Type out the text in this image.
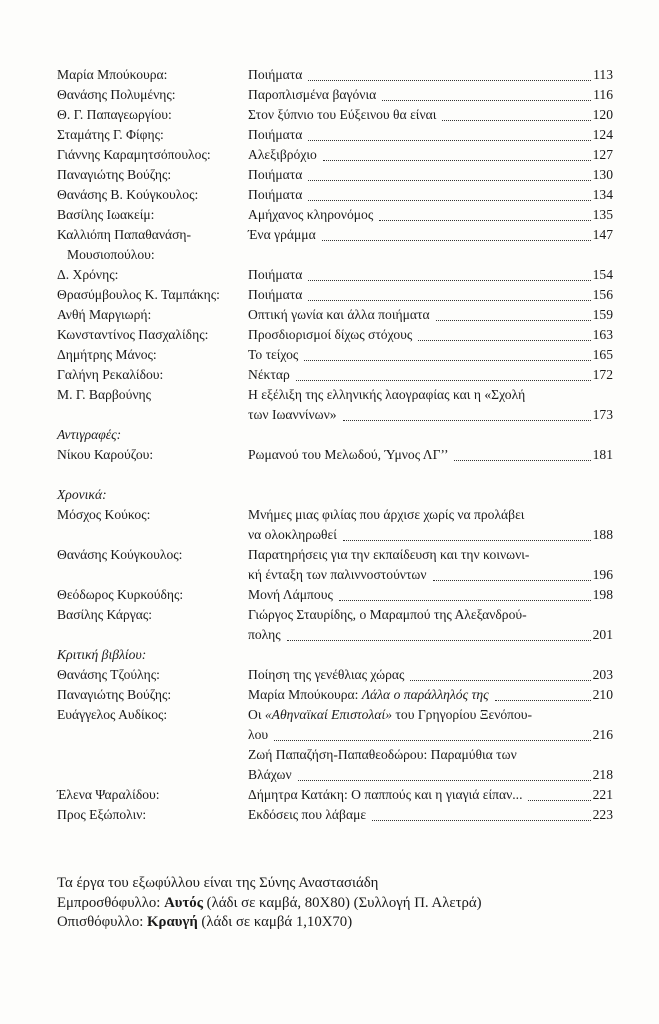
Μαρία Μπούκουρα:	Ποιήματα	113
Θανάσης Πολυμένης:	Παροπλισμένα βαγόνια	116
Θ. Γ. Παπαγεωργίου:	Στον ξύπνιο του Εύξεινου θα είναι	120
Σταμάτης Γ. Φίφης:	Ποιήματα	124
Γιάννης Καραμητσόπουλος:	Αλεξιβρόχιο	127
Παναγιώτης Βούζης:	Ποιήματα	130
Θανάσης Β. Κούγκουλος:	Ποιήματα	134
Βασίλης Ιωακείμ:	Αμήχανος κληρονόμος	135
Καλλιόπη Παπαθανάση-	Ένα γράμμα	147
Μουσιοπούλου:
Δ. Χρόνης:	Ποιήματα	154
Θρασύμβουλος Κ. Ταμπάκης:	Ποιήματα	156
Ανθή Μαργιωρή:	Οπτική γωνία και άλλα ποιήματα	159
Κωνσταντίνος Πασχαλίδης:	Προσδιορισμοί δίχως στόχους	163
Δημήτρης Μάνος:	Το τείχος	165
Γαλήνη Ρεκαλίδου:	Νέκταρ	172
Μ. Γ. Βαρβούνης	Η εξέλιξη της ελληνικής λαογραφίας και η «Σχολή
των Ιωαννίνων»	173
Αντιγραφές:
Νίκου Καρούζου:	Ρωμανού του Μελωδού, Ύμνος ΛΓ’’	181
Χρονικά:
Μόσχος Κούκος:	Μνήμες μιας φιλίας που άρχισε χωρίς να προλάβει
να ολοκληρωθεί	188
Θανάσης Κούγκουλος:	Παρατηρήσεις για την εκπαίδευση και την κοινωνι-
κή ένταξη των παλιννοστούντων	196
Θεόδωρος Κυρκούδης:	Μονή Λάμπους	198
Βασίλης Κάργας:	Γιώργος Σταυρίδης, ο Μαραμπού της Αλεξανδρού-
πολης	201
Κριτική βιβλίου:
Θανάσης Τζούλης:	Ποίηση της γενέθλιας χώρας	203
Παναγιώτης Βούζης:	Μαρία Μπούκουρα: Λάλα ο παράλληλός της	210
Ευάγγελος Αυδίκος:	Οι «Αθηναϊκαί Επιστολαί» του Γρηγορίου Ξενόπου-
λου	216
Ζωή Παπαζήση-Παπαθεοδώρου: Παραμύθια των
Βλάχων	218
Έλενα Ψαραλίδου:	Δήμητρα Κατάκη: Ο παππούς και η γιαγιά είπαν...	221
Προς Εξώπολιν:	Εκδόσεις που λάβαμε	223
Τα έργα του εξωφύλλου είναι της Σύνης Αναστασιάδη
Εμπροσθόφυλλο: Αυτός (λάδι σε καμβά, 80Χ80) (Συλλογή Π. Αλετρά)
Οπισθόφυλλο: Κραυγή (λάδι σε καμβά 1,10Χ70)
